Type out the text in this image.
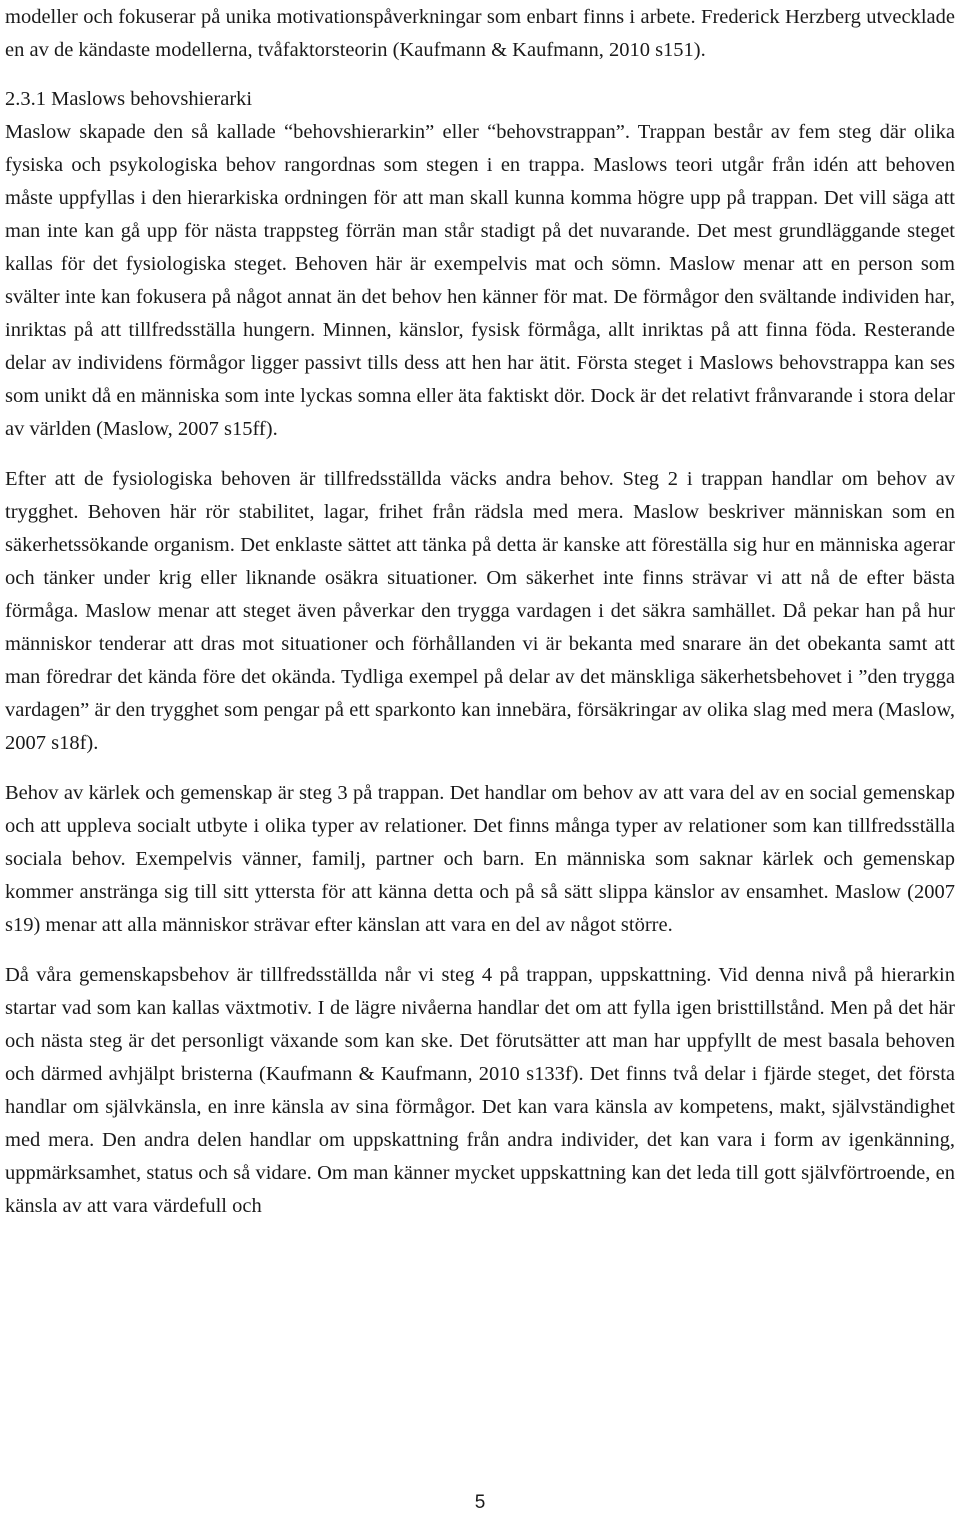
modeller och fokuserar på unika motivationspåverkningar som enbart finns i arbete. Frederick Herzberg utvecklade en av de kändaste modellerna, tvåfaktorsteorin (Kaufmann & Kaufmann, 2010 s151).

2.3.1 Maslows behovshierarki

Maslow skapade den så kallade “behovshierarkin” eller “behovstrappan”. Trappan består av fem steg där olika fysiska och psykologiska behov rangordnas som stegen i en trappa. Maslows teori utgår från idén att behoven måste uppfyllas i den hierarkiska ordningen för att man skall kunna komma högre upp på trappan. Det vill säga att man inte kan gå upp för nästa trappsteg förrän man står stadigt på det nuvarande. Det mest grundläggande steget kallas för det fysiologiska steget. Behoven här är exempelvis mat och sömn. Maslow menar att en person som svälter inte kan fokusera på något annat än det behov hen känner för mat. De förmågor den svältande individen har, inriktas på att tillfredsställa hungern. Minnen, känslor, fysisk förmåga, allt inriktas på att finna föda. Resterande delar av individens förmågor ligger passivt tills dess att hen har ätit. Första steget i Maslows behovstrappa kan ses som unikt då en människa som inte lyckas somna eller äta faktiskt dör. Dock är det relativt frånvarande i stora delar av världen (Maslow, 2007 s15ff).

Efter att de fysiologiska behoven är tillfredsställda väcks andra behov. Steg 2 i trappan handlar om behov av trygghet. Behoven här rör stabilitet, lagar, frihet från rädsla med mera. Maslow beskriver människan som en säkerhetssökande organism. Det enklaste sättet att tänka på detta är kanske att föreställa sig hur en människa agerar och tänker under krig eller liknande osäkra situationer. Om säkerhet inte finns strävar vi att nå de efter bästa förmåga. Maslow menar att steget även påverkar den trygga vardagen i det säkra samhället. Då pekar han på hur människor tenderar att dras mot situationer och förhållanden vi är bekanta med snarare än det obekanta samt att man föredrar det kända före det okända. Tydliga exempel på delar av det mänskliga säkerhetsbehovet i ”den trygga vardagen” är den trygghet som pengar på ett sparkonto kan innebära, försäkringar av olika slag med mera (Maslow, 2007 s18f).

Behov av kärlek och gemenskap är steg 3 på trappan. Det handlar om behov av att vara del av en social gemenskap och att uppleva socialt utbyte i olika typer av relationer. Det finns många typer av relationer som kan tillfredsställa sociala behov. Exempelvis vänner, familj, partner och barn. En människa som saknar kärlek och gemenskap kommer anstränga sig till sitt yttersta för att känna detta och på så sätt slippa känslor av ensamhet. Maslow (2007 s19) menar att alla människor strävar efter känslan att vara en del av något större.

Då våra gemenskapsbehov är tillfredsställda når vi steg 4 på trappan, uppskattning. Vid denna nivå på hierarkin startar vad som kan kallas växtmotiv. I de lägre nivåerna handlar det om att fylla igen bristtillstånd. Men på det här och nästa steg är det personligt växande som kan ske. Det förutsätter att man har uppfyllt de mest basala behoven och därmed avhjälpt bristerna (Kaufmann & Kaufmann, 2010 s133f). Det finns två delar i fjärde steget, det första handlar om självkänsla, en inre känsla av sina förmågor. Det kan vara känsla av kompetens, makt, självständighet med mera. Den andra delen handlar om uppskattning från andra individer, det kan vara i form av igenkänning, uppmärksamhet, status och så vidare. Om man känner mycket uppskattning kan det leda till gott självförtroende, en känsla av att vara värdefull och

5
